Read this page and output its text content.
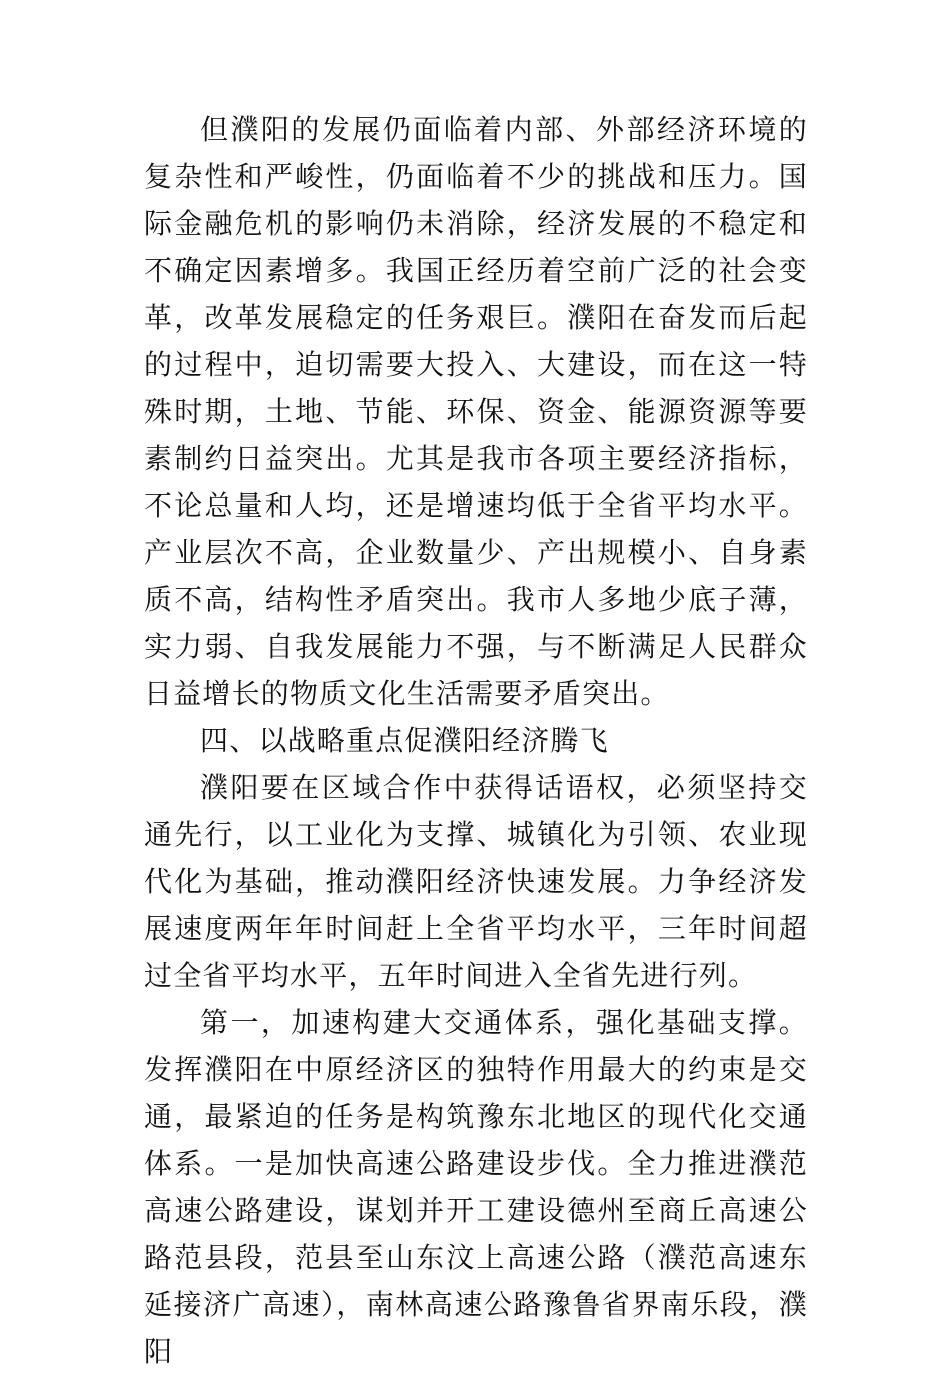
但濮阳的发展仍面临着内部、外部经济环境的复杂性和严峻性，仍面临着不少的挑战和压力。国际金融危机的影响仍未消除，经济发展的不稳定和不确定因素增多。我国正经历着空前广泛的社会变革，改革发展稳定的任务艰巨。濮阳在奋发而后起的过程中，迫切需要大投入、大建设，而在这一特殊时期，土地、节能、环保、资金、能源资源等要素制约日益突出。尤其是我市各项主要经济指标，不论总量和人均，还是增速均低于全省平均水平。产业层次不高，企业数量少、产出规模小、自身素质不高，结构性矛盾突出。我市人多地少底子薄，实力弱、自我发展能力不强，与不断满足人民群众日益增长的物质文化生活需要矛盾突出。

四、以战略重点促濮阳经济腾飞

濮阳要在区域合作中获得话语权，必须坚持交通先行，以工业化为支撑、城镇化为引领、农业现代化为基础，推动濮阳经济快速发展。力争经济发展速度两年年时间赶上全省平均水平，三年时间超过全省平均水平，五年时间进入全省先进行列。

第一，加速构建大交通体系，强化基础支撑。发挥濮阳在中原经济区的独特作用最大的约束是交通，最紧迫的任务是构筑豫东北地区的现代化交通体系。一是加快高速公路建设步伐。全力推进濮范高速公路建设，谋划并开工建设德州至商丘高速公路范县段，范县至山东汶上高速公路（濮范高速东延接济广高速），南林高速公路豫鲁省界南乐段，濮阳
